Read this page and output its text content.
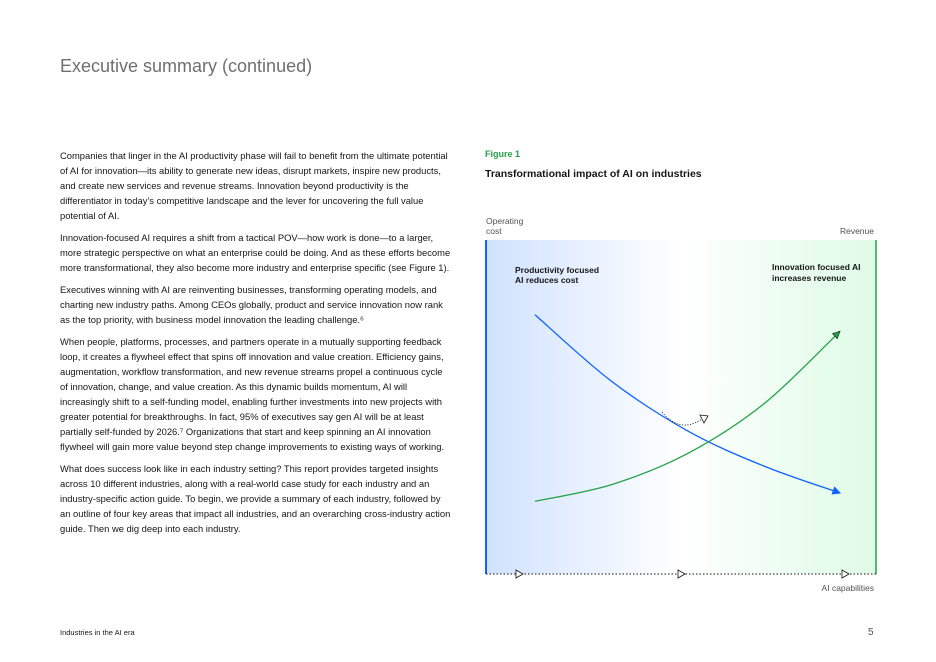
Executive summary (continued)

Companies that linger in the AI productivity phase will fail to benefit from the ultimate potential of AI for innovation—its ability to generate new ideas, disrupt markets, inspire new products, and create new services and revenue streams. Innovation beyond productivity is the differentiator in today’s competitive landscape and the lever for uncovering the full value potential of AI.

Innovation-focused AI requires a shift from a tactical POV—how work is done—to a larger, more strategic perspective on what an enterprise could be doing. And as these efforts become more transformational, they also become more industry and enterprise specific (see Figure 1).

Executives winning with AI are reinventing businesses, transforming operating models, and charting new industry paths. Among CEOs globally, product and service innovation now rank as the top priority, with business model innovation the leading challenge.⁶

When people, platforms, processes, and partners operate in a mutually supporting feedback loop, it creates a flywheel effect that spins off innovation and value creation. Efficiency gains, augmentation, workflow transformation, and new revenue streams propel a continuous cycle of innovation, change, and value creation. As this dynamic builds momentum, AI will increasingly shift to a self-funding model, enabling further investments into new projects with greater potential for breakthroughs. In fact, 95% of executives say gen AI will be at least partially self-funded by 2026.⁷ Organizations that start and keep spinning an AI innovation flywheel will gain more value beyond step change improvements to existing ways of working.

What does success look like in each industry setting? This report provides targeted insights across 10 different industries, along with a real-world case study for each industry and an industry-specific action guide. To begin, we provide a summary of each industry, followed by an outline of four key areas that impact all industries, and an overarching cross-industry action guide. Then we dig deep into each industry.

Figure 1
Transformational impact of AI on industries
Operating
cost	Revenue
AI capabilities
Productivity focused
AI reduces cost
Innovation focused AI
increases revenue
Industries in the AI era	5
